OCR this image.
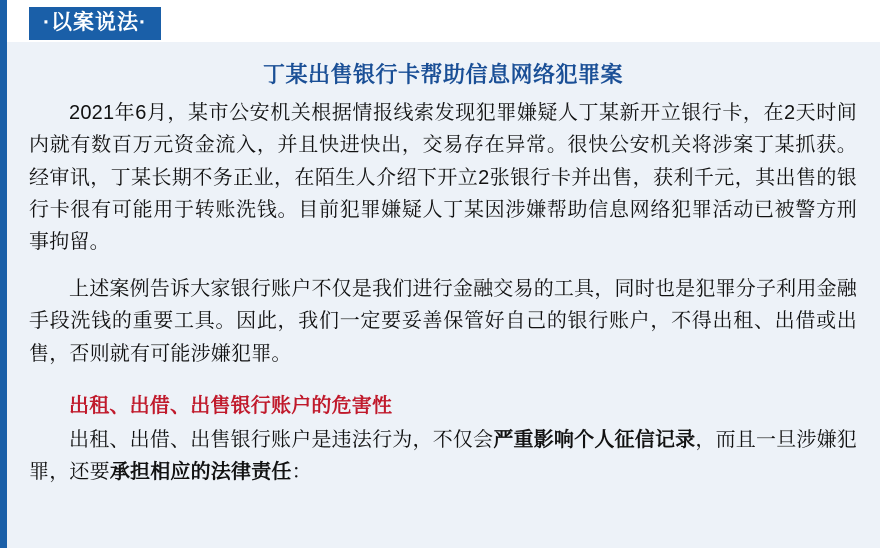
·以案说法·
丁某出售银行卡帮助信息网络犯罪案

2021年6月，某市公安机关根据情报线索发现犯罪嫌疑人丁某新开立银行卡，在2天时间内就有数百万元资金流入，并且快进快出，交易存在异常。很快公安机关将涉案丁某抓获。经审讯，丁某长期不务正业，在陌生人介绍下开立2张银行卡并出售，获利千元，其出售的银行卡很有可能用于转账洗钱。目前犯罪嫌疑人丁某因涉嫌帮助信息网络犯罪活动已被警方刑事拘留。

上述案例告诉大家银行账户不仅是我们进行金融交易的工具，同时也是犯罪分子利用金融手段洗钱的重要工具。因此，我们一定要妥善保管好自己的银行账户，不得出租、出借或出售，否则就有可能涉嫌犯罪。

出租、出借、出售银行账户的危害性

出租、出借、出售银行账户是违法行为，不仅会严重影响个人征信记录，而且一旦涉嫌犯罪，还要承担相应的法律责任：
